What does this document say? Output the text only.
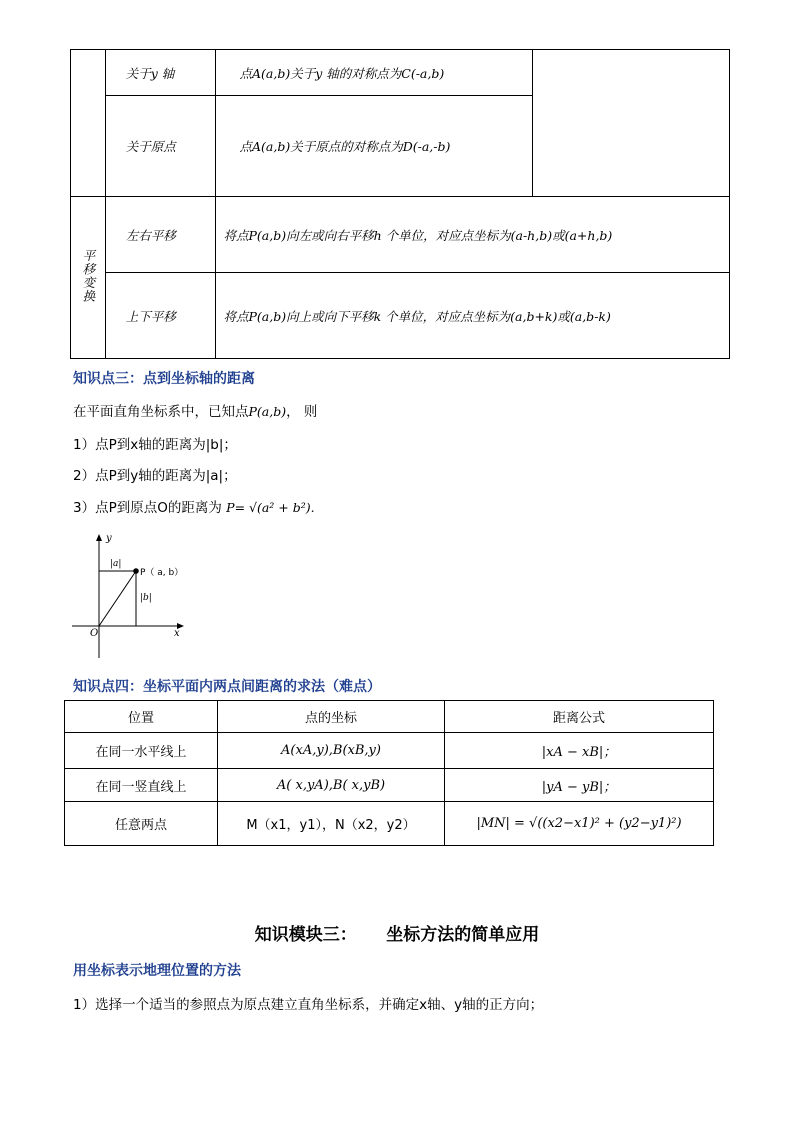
	关于y 轴	点A(a,b)关于y 轴的对称点为C(-a,b)	
	关于原点	点A(a,b)关于原点的对称点为D(-a,-b)	
平移变换	左右平移	将点P(a,b)向左或向右平移h 个单位，对应点坐标为(a-h,b)或(a+h,b)	
	上下平移	将点P(a,b)向上或向下平移k 个单位，对应点坐标为(a,b+k)或(a,b-k)	
知识点三：点到坐标轴的距离
在平面直角坐标系中，已知点P(a,b)， 则
1）点P到x轴的距离为|b|；
2）点P到y轴的距离为|a|；
3）点P到原点O的距离为 P= √(a² + b²).
y
x
O
P（ a, b）
|a|
|b|
知识点四：坐标平面内两点间距离的求法（难点）
位置	点的坐标	距离公式
在同一水平线上	A(xA,y),B(xB,y)	|xA − xB|；
在同一竖直线上	A( x,yA),B( x,yB)	|yA − yB|；
任意两点	M（x1，y1），N（x2，y2）	|MN| = √((x2−x1)² + (y2−y1)²)
知识模块三：     坐标方法的简单应用
用坐标表示地理位置的方法
1）选择一个适当的参照点为原点建立直角坐标系，并确定x轴、y轴的正方向；
